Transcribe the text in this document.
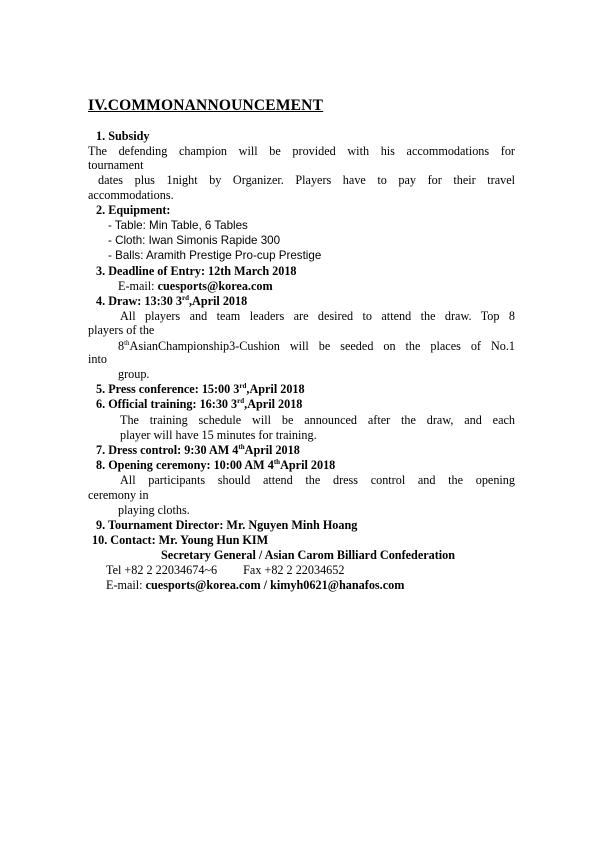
IV.COMMONANNOUNCEMENT
1. Subsidy
The defending champion will be provided with his accommodations for
tournament
dates plus 1night by Organizer. Players have to pay for their travel
accommodations.
2. Equipment:
- Table: Min Table, 6 Tables
- Cloth: Iwan Simonis Rapide 300
- Balls: Aramith Prestige Pro-cup Prestige
3. Deadline of Entry: 12th March 2018
E-mail: cuesports@korea.com
4. Draw: 13:30 3rd,April 2018
All players and team leaders are desired to attend the draw. Top 8
players of the
8thAsianChampionship3-Cushion will be seeded on the places of No.1
into
group.
5. Press conference: 15:00 3rd,April 2018
6. Official training: 16:30 3rd,April 2018
The training schedule will be announced after the draw, and each
player will have 15 minutes for training.
7. Dress control: 9:30 AM 4thApril 2018
8. Opening ceremony: 10:00 AM 4thApril 2018
All participants should attend the dress control and the opening
ceremony in
playing cloths.
9. Tournament Director: Mr. Nguyen Minh Hoang
10. Contact: Mr. Young Hun KIM
Secretary General / Asian Carom Billiard Confederation
Tel +82 2 22034674~6 Fax +82 2 22034652
E-mail: cuesports@korea.com / kimyh0621@hanafos.com
